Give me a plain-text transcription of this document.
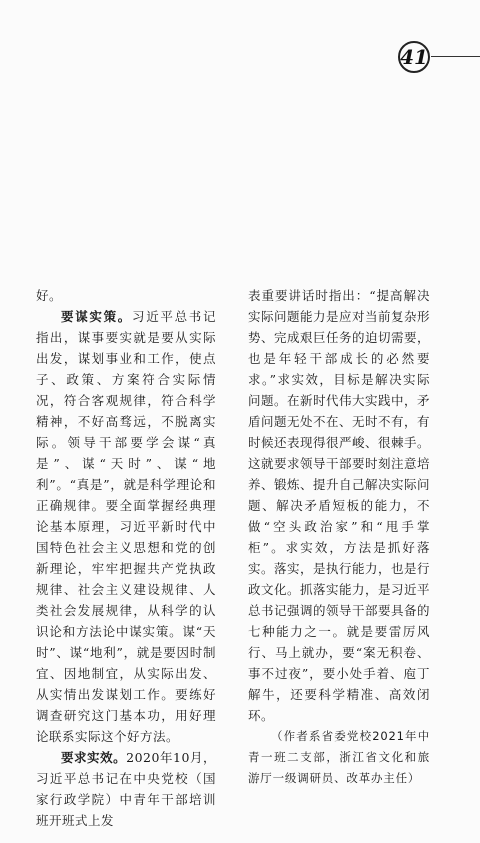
41

好。

要谋实策。习近平总书记指出，谋事要实就是要从实际出发，谋划事业和工作，使点子、政策、方案符合实际情况，符合客观规律，符合科学精神，不好高骛远，不脱离实际。领导干部要学会谋“真是”、谋“天时”、谋“地利”。“真是”，就是科学理论和正确规律。要全面掌握经典理论基本原理，习近平新时代中国特色社会主义思想和党的创新理论，牢牢把握共产党执政规律、社会主义建设规律、人类社会发展规律，从科学的认识论和方法论中谋实策。谋“天时”、谋“地利”，就是要因时制宜、因地制宜，从实际出发、从实情出发谋划工作。要练好调查研究这门基本功，用好理论联系实际这个好方法。

要求实效。2020年10月，习近平总书记在中央党校（国家行政学院）中青年干部培训班开班式上发

表重要讲话时指出：“提高解决实际问题能力是应对当前复杂形势、完成艰巨任务的迫切需要，也是年轻干部成长的必然要求。”求实效，目标是解决实际问题。在新时代伟大实践中，矛盾问题无处不在、无时不有，有时候还表现得很严峻、很棘手。这就要求领导干部要时刻注意培养、锻炼、提升自己解决实际问题、解决矛盾短板的能力，不做“空头政治家”和“甩手掌柜”。求实效，方法是抓好落实。落实，是执行能力，也是行政文化。抓落实能力，是习近平总书记强调的领导干部要具备的七种能力之一。就是要雷厉风行、马上就办，要“案无积卷、事不过夜”，要小处手着、庖丁解牛，还要科学精准、高效闭环。

（作者系省委党校2021年中青一班二支部，浙江省文化和旅游厅一级调研员、改革办主任）
